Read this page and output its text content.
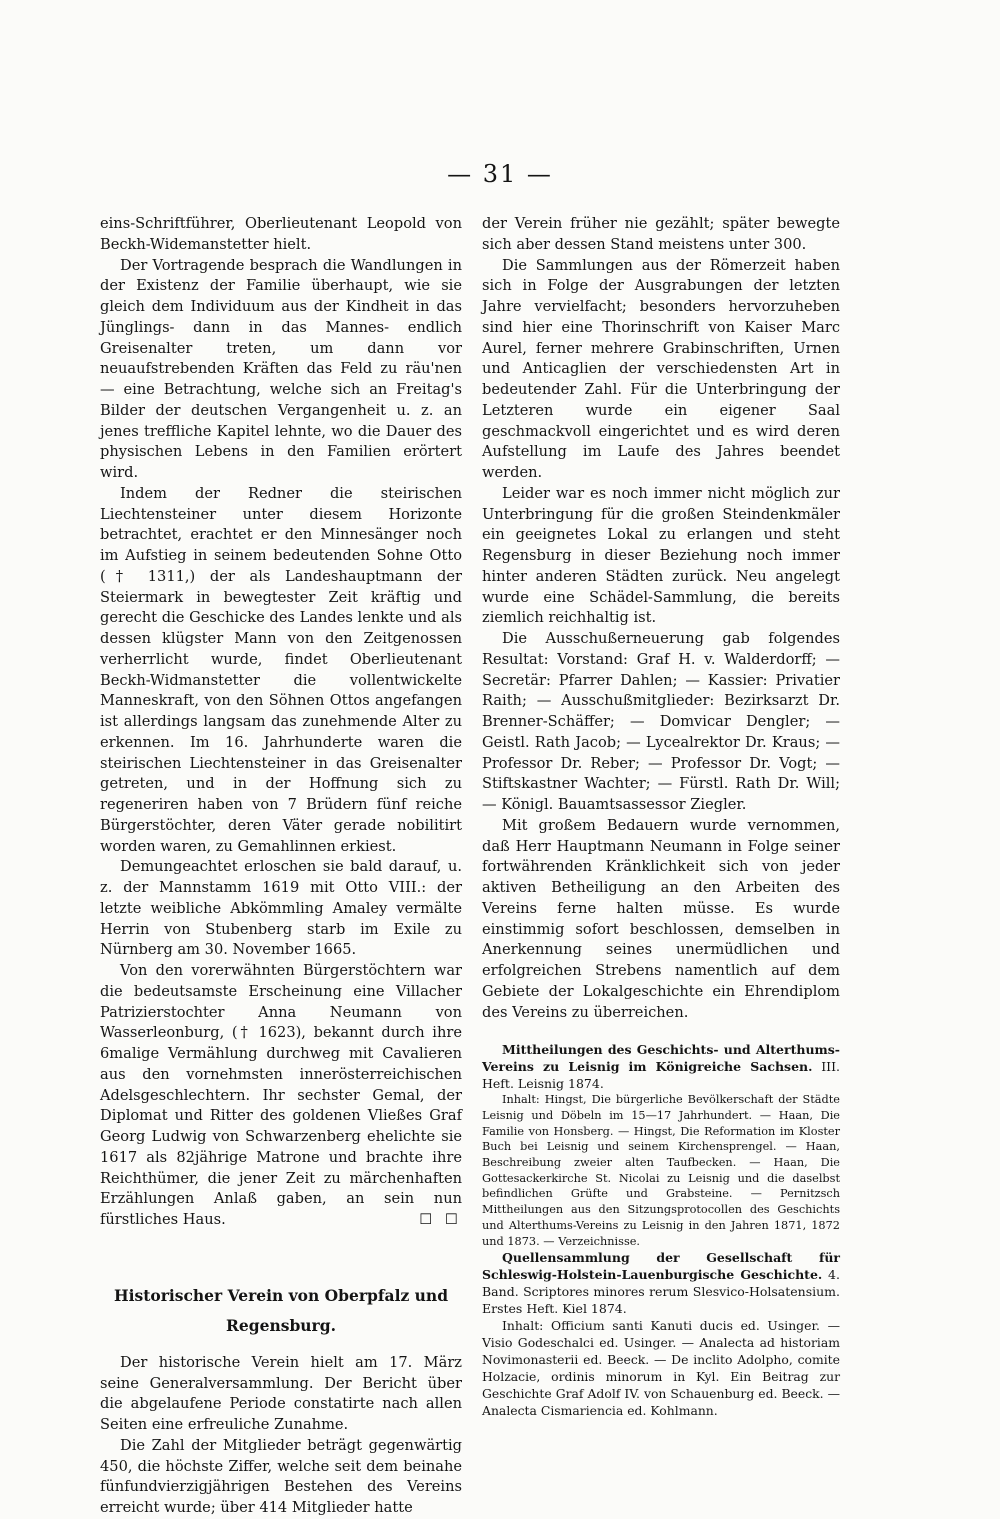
— 31 —

eins-Schriftführer, Oberlieutenant Leopold von Beckh-Widemanstetter hielt.

Der Vortragende besprach die Wandlungen in der Existenz der Familie überhaupt, wie sie gleich dem Individuum aus der Kindheit in das Jünglings- dann in das Mannes- endlich Greisenalter treten, um dann vor neuaufstrebenden Kräften das Feld zu räu'nen — eine Betrachtung, welche sich an Freitag's Bilder der deutschen Vergangenheit u. z. an jenes treffliche Kapitel lehnte, wo die Dauer des physischen Lebens in den Familien erörtert wird.

Indem der Redner die steirischen Liechtensteiner unter diesem Horizonte betrachtet, erachtet er den Minnesänger noch im Aufstieg in seinem bedeutenden Sohne Otto († 1311,) der als Landeshauptmann der Steiermark in bewegtester Zeit kräftig und gerecht die Geschicke des Landes lenkte und als dessen klügster Mann von den Zeitgenossen verherrlicht wurde, findet Oberlieutenant Beckh-Widmanstetter die vollentwickelte Manneskraft, von den Söhnen Ottos angefangen ist allerdings langsam das zunehmende Alter zu erkennen. Im 16. Jahrhunderte waren die steirischen Liechtensteiner in das Greisenalter getreten, und in der Hoffnung sich zu regeneriren haben von 7 Brüdern fünf reiche Bürgerstöchter, deren Väter gerade nobilitirt worden waren, zu Gemahlinnen erkiest.

Demungeachtet erloschen sie bald darauf, u. z. der Mannstamm 1619 mit Otto VIII.: der letzte weibliche Abkömmling Amaley vermälte Herrin von Stubenberg starb im Exile zu Nürnberg am 30. November 1665.

Von den vorerwähnten Bürgerstöchtern war die bedeutsamste Erscheinung eine Villacher Patrizierstochter Anna Neumann von Wasserleonburg, († 1623), bekannt durch ihre 6malige Vermählung durchweg mit Cavalieren aus den vornehmsten innerösterreichischen Adelsgeschlechtern. Ihr sechster Gemal, der Diplomat und Ritter des goldenen Vließes Graf Georg Ludwig von Schwarzenberg ehelichte sie 1617 als 82jährige Matrone und brachte ihre Reichthümer, die jener Zeit zu märchenhaften Erzählungen Anlaß gaben, an sein nun fürstliches Haus.	☐ ☐

Historischer Verein von Oberpfalz und
Regensburg.

Der historische Verein hielt am 17. März seine Generalversammlung. Der Bericht über die abgelaufene Periode constatirte nach allen Seiten eine erfreuliche Zunahme.

Die Zahl der Mitglieder beträgt gegenwärtig 450, die höchste Ziffer, welche seit dem beinahe fünfundvierzigjährigen Bestehen des Vereins erreicht wurde; über 414 Mitglieder hatte

der Verein früher nie gezählt; später bewegte sich aber dessen Stand meistens unter 300.

Die Sammlungen aus der Römerzeit haben sich in Folge der Ausgrabungen der letzten Jahre vervielfacht; besonders hervorzuheben sind hier eine Thorinschrift von Kaiser Marc Aurel, ferner mehrere Grabinschriften, Urnen und Anticaglien der verschiedensten Art in bedeutender Zahl. Für die Unterbringung der Letzteren wurde ein eigener Saal geschmackvoll eingerichtet und es wird deren Aufstellung im Laufe des Jahres beendet werden.

Leider war es noch immer nicht möglich zur Unterbringung für die großen Steindenkmäler ein geeignetes Lokal zu erlangen und steht Regensburg in dieser Beziehung noch immer hinter anderen Städten zurück. Neu angelegt wurde eine Schädel-Sammlung, die bereits ziemlich reichhaltig ist.

Die Ausschußerneuerung gab folgendes Resultat: Vorstand: Graf H. v. Walderdorff; — Secretär: Pfarrer Dahlen; — Kassier: Privatier Raith; — Ausschußmitglieder: Bezirksarzt Dr. Brenner-Schäffer; — Domvicar Dengler; — Geistl. Rath Jacob; — Lycealrektor Dr. Kraus; — Professor Dr. Reber; — Professor Dr. Vogt; — Stiftskastner Wachter; — Fürstl. Rath Dr. Will; — Königl. Bauamtsassessor Ziegler.

Mit großem Bedauern wurde vernommen, daß Herr Hauptmann Neumann in Folge seiner fortwährenden Kränklichkeit sich von jeder aktiven Betheiligung an den Arbeiten des Vereins ferne halten müsse. Es wurde einstimmig sofort beschlossen, demselben in Anerkennung seines unermüdlichen und erfolgreichen Strebens namentlich auf dem Gebiete der Lokalgeschichte ein Ehrendiplom des Vereins zu überreichen.

Mittheilungen des Geschichts- und Alterthums-Vereins zu Leisnig im Königreiche Sachsen. III. Heft. Leisnig 1874.

Inhalt: Hingst, Die bürgerliche Bevölkerschaft der Städte Leisnig und Döbeln im 15—17 Jahrhundert. — Haan, Die Familie von Honsberg. — Hingst, Die Reformation im Kloster Buch bei Leisnig und seinem Kirchensprengel. — Haan, Beschreibung zweier alten Taufbecken. — Haan, Die Gottesackerkirche St. Nicolai zu Leisnig und die daselbst befindlichen Grüfte und Grabsteine. — Pernitzsch Mittheilungen aus den Sitzungsprotocollen des Geschichts und Alterthums-Vereins zu Leisnig in den Jahren 1871, 1872 und 1873. — Verzeichnisse.

Quellensammlung der Gesellschaft für Schleswig-Holstein-Lauenburgische Geschichte. 4. Band. Scriptores minores rerum Slesvico-Holsatensium. Erstes Heft. Kiel 1874.

Inhalt: Officium santi Kanuti ducis ed. Usinger. — Visio Godeschalci ed. Usinger. — Analecta ad historiam Novimonasterii ed. Beeck. — De inclito Adolpho, comite Holzacie, ordinis minorum in Kyl. Ein Beitrag zur Geschichte Graf Adolf IV. von Schauenburg ed. Beeck. — Analecta Cismariencia ed. Kohlmann.
